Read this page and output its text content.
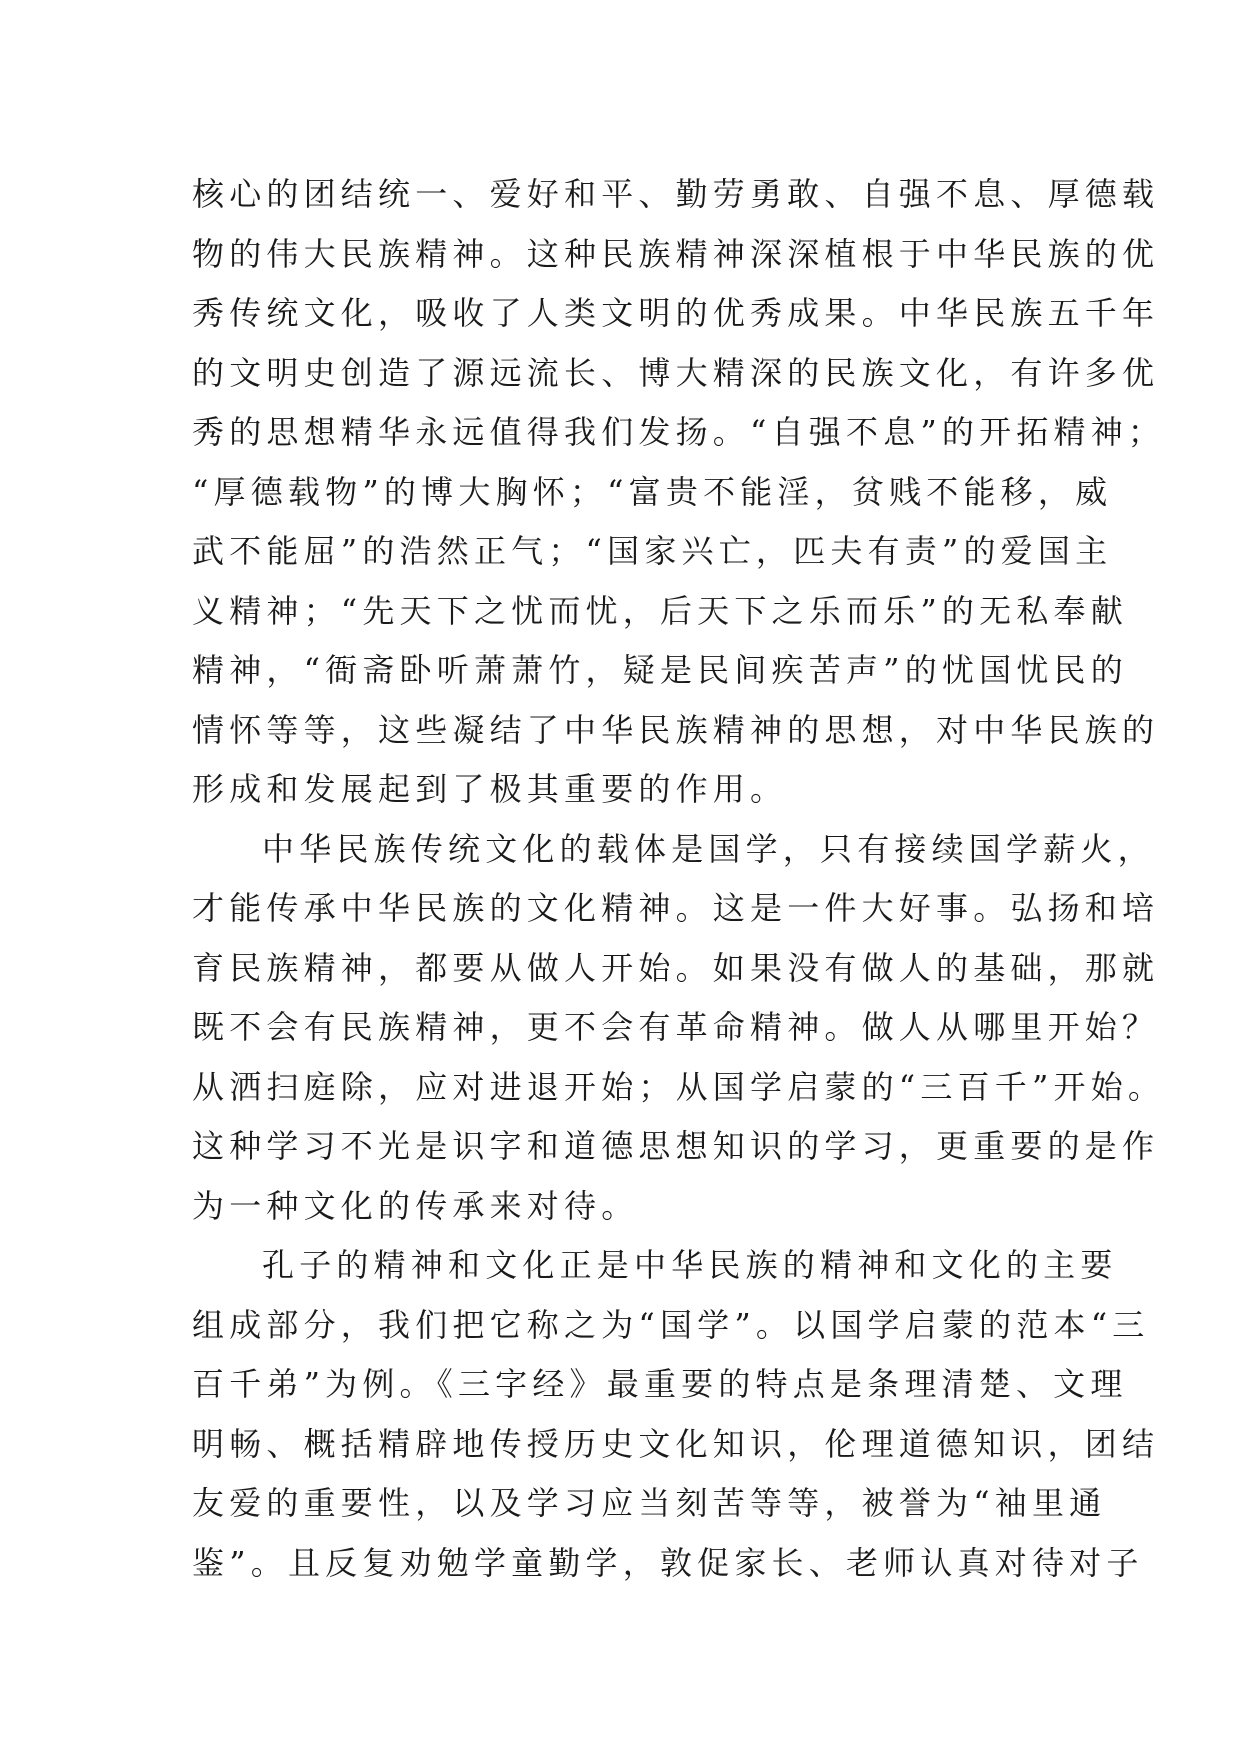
核心的团结统一、爱好和平、勤劳勇敢、自强不息、厚德载
物的伟大民族精神。这种民族精神深深植根于中华民族的优
秀传统文化，吸收了人类文明的优秀成果。中华民族五千年
的文明史创造了源远流长、博大精深的民族文化，有许多优
秀的思想精华永远值得我们发扬。“自强不息”的开拓精神；
“厚德载物”的博大胸怀；“富贵不能淫，贫贱不能移，威
武不能屈”的浩然正气；“国家兴亡，匹夫有责”的爱国主
义精神；“先天下之忧而忧，后天下之乐而乐”的无私奉献
精神，“衙斋卧听萧萧竹，疑是民间疾苦声”的忧国忧民的
情怀等等，这些凝结了中华民族精神的思想，对中华民族的
形成和发展起到了极其重要的作用。
中华民族传统文化的载体是国学，只有接续国学薪火，
才能传承中华民族的文化精神。这是一件大好事。弘扬和培
育民族精神，都要从做人开始。如果没有做人的基础，那就
既不会有民族精神，更不会有革命精神。做人从哪里开始？
从洒扫庭除，应对进退开始；从国学启蒙的“三百千”开始。
这种学习不光是识字和道德思想知识的学习，更重要的是作
为一种文化的传承来对待。
孔子的精神和文化正是中华民族的精神和文化的主要
组成部分，我们把它称之为“国学”。以国学启蒙的范本“三
百千弟”为例。《三字经》最重要的特点是条理清楚、文理
明畅、概括精辟地传授历史文化知识，伦理道德知识，团结
友爱的重要性，以及学习应当刻苦等等，被誉为“袖里通
鉴”。且反复劝勉学童勤学，敦促家长、老师认真对待对子
